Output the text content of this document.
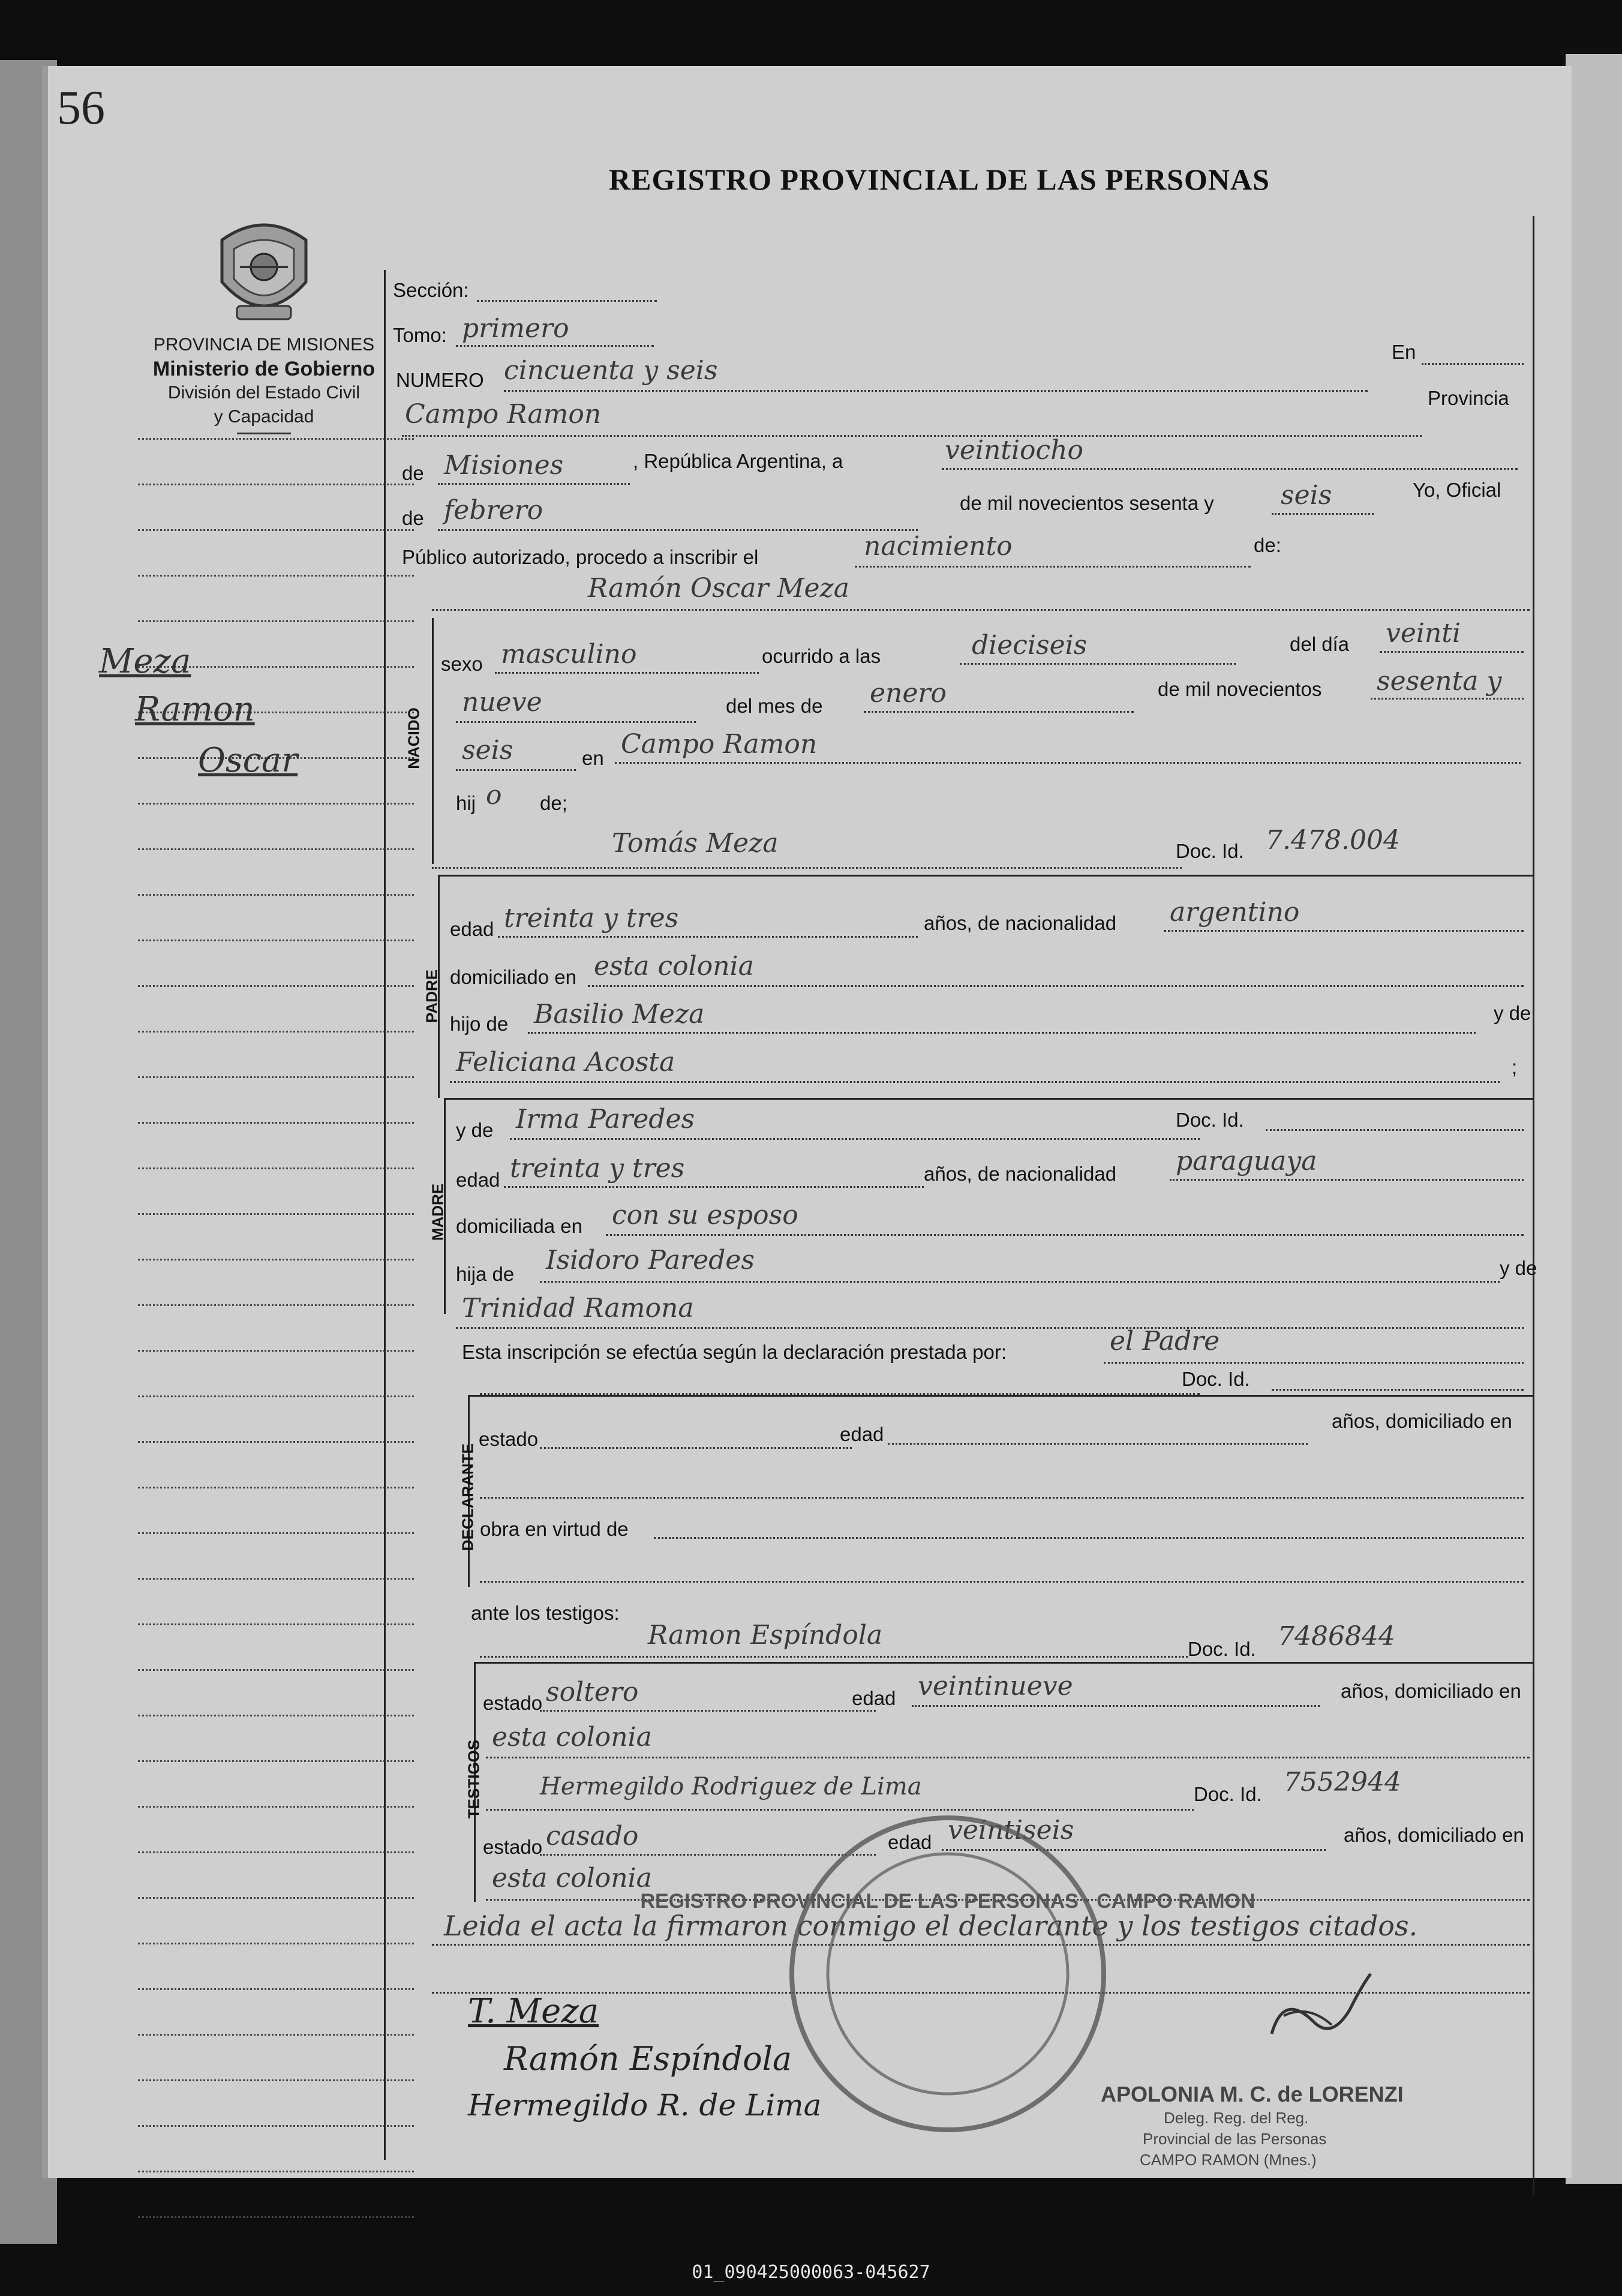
56
REGISTRO PROVINCIAL DE LAS PERSONAS
PROVINCIA DE MISIONES
Ministerio de Gobierno
División del Estado Civil
y Capacidad
Meza
Ramon
Oscar
Sección:
Tomo: primero
NUMERO cincuenta y seis
En
Provincia
Campo Ramon
de Misiones	, República Argentina, a	veintiocho
de febrero	de mil novecientos sesenta y	seis	Yo, Oficial
Público autorizado, procedo a inscribir el	nacimiento	de:
Ramón Oscar Meza
NACIDO
sexo masculino	ocurrido a las	dieciseis	del día veinti
nueve	del mes de enero	de mil novecientos sesenta y
seis	en Campo Ramon
hij o de;
Tomás Meza	Doc. Id. 7.478.004
PADRE
edad treinta y tres	años, de nacionalidad argentino
domiciliado en esta colonia
hijo de Basilio Meza	y de
Feliciana Acosta	;
MADRE
y de Irma Paredes	Doc. Id.
edad treinta y tres	años, de nacionalidad paraguaya
domiciliada en con su esposo
hija de Isidoro Paredes	y de
Trinidad Ramona
Esta inscripción se efectúa según la declaración prestada por:	el Padre
Doc. Id.
DECLARANTE
estado	edad
años, domiciliado en
obra en virtud de
ante los testigos:
Ramon Espíndola	Doc. Id. 7486844
TESTIGOS
estado soltero	edad veintinueve	años, domiciliado en
esta colonia
Hermegildo Rodriguez de Lima	Doc. Id. 7552944
estado casado	edad veintiseis	años, domiciliado en
esta colonia
Leida el acta la firmaron conmigo el declarante y los testigos citados.
T. Meza
Ramón Espíndola
Hermegildo R. de Lima
REGISTRO PROVINCIAL DE LAS PERSONAS · CAMPO RAMON
APOLONIA M. C. de LORENZI
Deleg. Reg. del Reg.
Provincial de las Personas
CAMPO RAMON (Mnes.)
01_090425000063-045627
